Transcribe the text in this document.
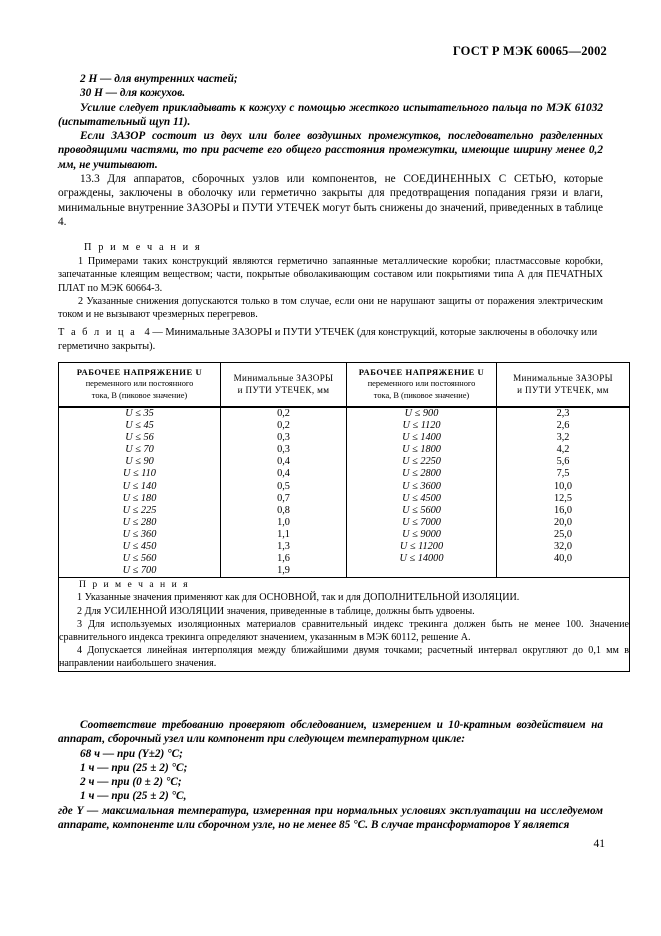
ГОСТ Р МЭК 60065—2002
2 Н — для внутренних частей;
30 Н — для кожухов.

Усилие следует прикладывать к кожуху с помощью жесткого испытательного пальца по МЭК 61032 (испытательный щуп 11).

Если ЗАЗОР состоит из двух или более воздушных промежутков, последовательно разделенных проводящими частями, то при расчете его общего расстояния промежутки, имеющие ширину менее 0,2 мм, не учитывают.

13.3 Для аппаратов, сборочных узлов или компонентов, не СОЕДИНЕННЫХ С СЕТЬЮ, которые ограждены, заключены в оболочку или герметично закрыты для предотвращения попадания грязи и влаги, минимальные внутренние ЗАЗОРЫ и ПУТИ УТЕЧЕК могут быть снижены до значений, приведенных в таблице 4.

П р и м е ч а н и я

1 Примерами таких конструкций являются герметично запаянные металлические коробки; пластмассовые коробки, запечатанные клеящим веществом; части, покрытые обволакивающим составом или покрытиями типа А для ПЕЧАТНЫХ ПЛАТ по МЭК 60664-3.

2 Указанные снижения допускаются только в том случае, если они не нарушают защиты от поражения электрическим током и не вызывают чрезмерных перегревов.

Т а б л и ц а 4 — Минимальные ЗАЗОРЫ и ПУТИ УТЕЧЕК (для конструкций, которые заключены в оболочку или герметично закрыты).
РАБОЧЕЕ НАПРЯЖЕНИЕ U
переменного или постоянного
тока, В (пиковое значение)	Минимальные ЗАЗОРЫ
и ПУТИ УТЕЧЕК, мм	РАБОЧЕЕ НАПРЯЖЕНИЕ U
переменного или постоянного
тока, В (пиковое значение)	Минимальные ЗАЗОРЫ
и ПУТИ УТЕЧЕК, мм

U ≤ 35	0,2	U ≤ 900	2,3
U ≤ 45	0,2	U ≤ 1120	2,6
U ≤ 56	0,3	U ≤ 1400	3,2
U ≤ 70	0,3	U ≤ 1800	4,2
U ≤ 90	0,4	U ≤ 2250	5,6
U ≤ 110	0,4	U ≤ 2800	7,5
U ≤ 140	0,5	U ≤ 3600	10,0
U ≤ 180	0,7	U ≤ 4500	12,5
U ≤ 225	0,8	U ≤ 5600	16,0
U ≤ 280	1,0	U ≤ 7000	20,0
U ≤ 360	1,1	U ≤ 9000	25,0
U ≤ 450	1,3	U ≤ 11200	32,0
U ≤ 560	1,6	U ≤ 14000	40,0
U ≤ 700	1,9		

П р и м е ч а н и я

1 Указанные значения применяют как для ОСНОВНОЙ, так и для ДОПОЛНИТЕЛЬНОЙ ИЗОЛЯЦИИ.

2 Для УСИЛЕННОЙ ИЗОЛЯЦИИ значения, приведенные в таблице, должны быть удвоены.

3 Для используемых изоляционных материалов сравнительный индекс трекинга должен быть не менее 100. Значение сравнительного индекса трекинга определяют значением, указанным в МЭК 60112, решение А.

4 Допускается линейная интерполяция между ближайшими двумя точками; расчетный интервал округляют до 0,1 мм в направлении наибольшего значения.			

Соответствие требованию проверяют обследованием, измерением и 10-кратным воздействием на аппарат, сборочный узел или компонент при следующем температурном цикле:

68 ч — при (Y±2) °С;
1 ч — при (25 ± 2) °С;
2 ч — при (0 ± 2) °С;
1 ч — при (25 ± 2) °С,

где Y — максимальная температура, измеренная при нормальных условиях эксплуатации на исследуемом аппарате, компоненте или сборочном узле, но не менее 85 °С. В случае трансформаторов Y является

41
